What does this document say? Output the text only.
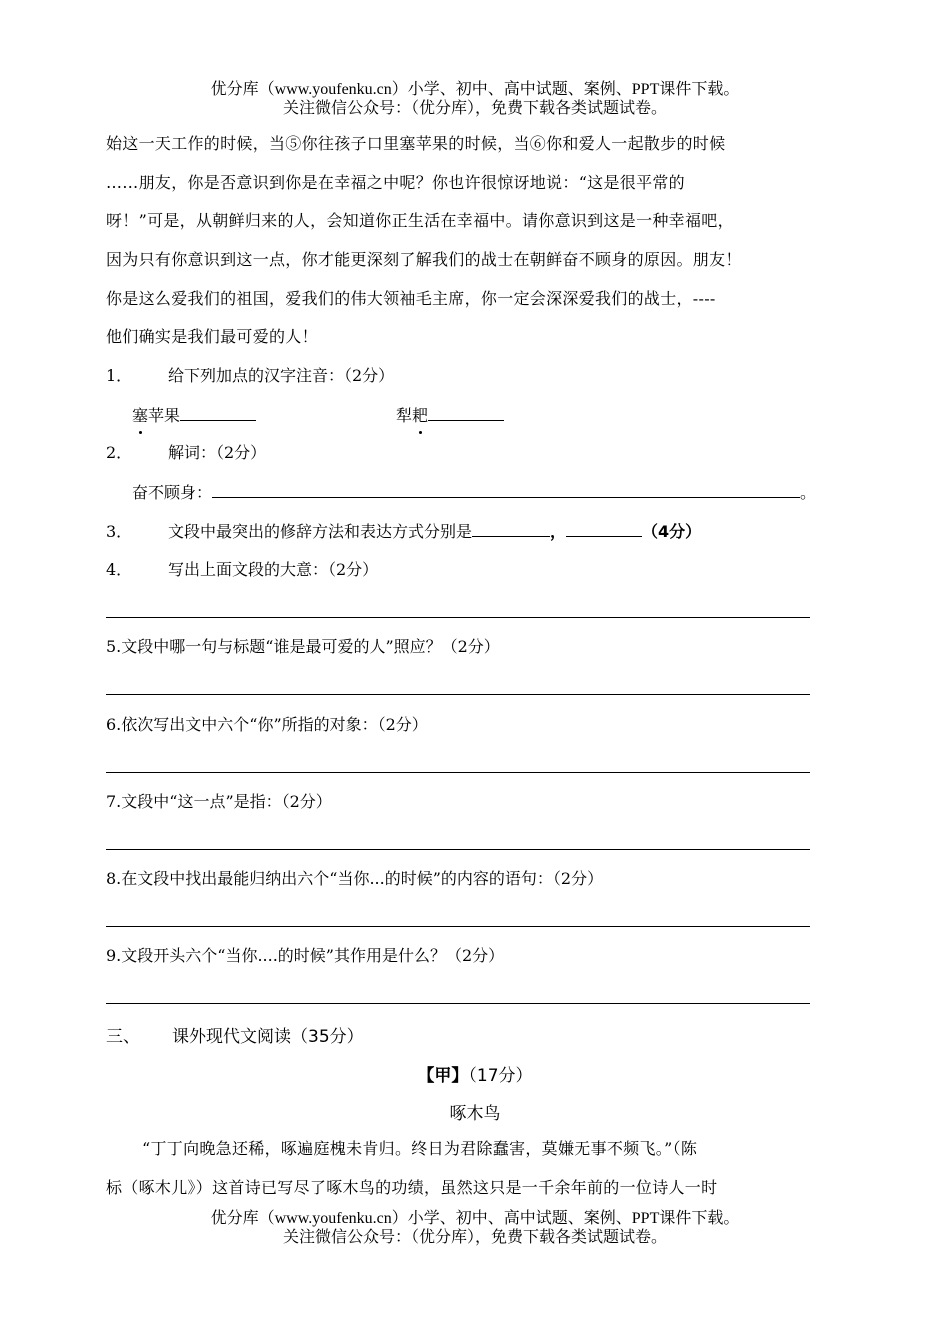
优分库（www.youfenku.cn）小学、初中、高中试题、案例、PPT课件下载。
关注微信公众号：（优分库），免费下载各类试题试卷。
始这一天工作的时候，当⑤你往孩子口里塞苹果的时候，当⑥你和爱人一起散步的时候
……朋友，你是否意识到你是在幸福之中呢？你也许很惊讶地说：“这是很平常的
呀！”可是，从朝鲜归来的人，会知道你正生活在幸福中。请你意识到这是一种幸福吧，
因为只有你意识到这一点，你才能更深刻了解我们的战士在朝鲜奋不顾身的原因。朋友！
你是这么爱我们的祖国，爱我们的伟大领袖毛主席，你一定会深深爱我们的战士，----
他们确实是我们最可爱的人！
1． 给下列加点的汉字注音：（2分）
塞苹果	犁耙
2． 解词：（2分）
奋不顾身：	。
3． 文段中最突出的修辞方法和表达方式分别是	，	（4分）
4． 写出上面文段的大意：（2分）
5.文段中哪一句与标题“谁是最可爱的人”照应？（2分）
6.依次写出文中六个“你”所指的对象：（2分）
7.文段中“这一点”是指：（2分）
8.在文段中找出最能归纳出六个“当你...的时候”的内容的语句：（2分）
9.文段开头六个“当你....的时候”其作用是什么？（2分）
三、 课外现代文阅读（35分）
【甲】（17分）
啄木鸟
“丁丁向晚急还稀，啄遍庭槐未肯归。终日为君除蠢害，莫嫌无事不频飞。”（陈
标（啄木儿》）这首诗已写尽了啄木鸟的功绩，虽然这只是一千余年前的一位诗人一时
优分库（www.youfenku.cn）小学、初中、高中试题、案例、PPT课件下载。
关注微信公众号：（优分库），免费下载各类试题试卷。
